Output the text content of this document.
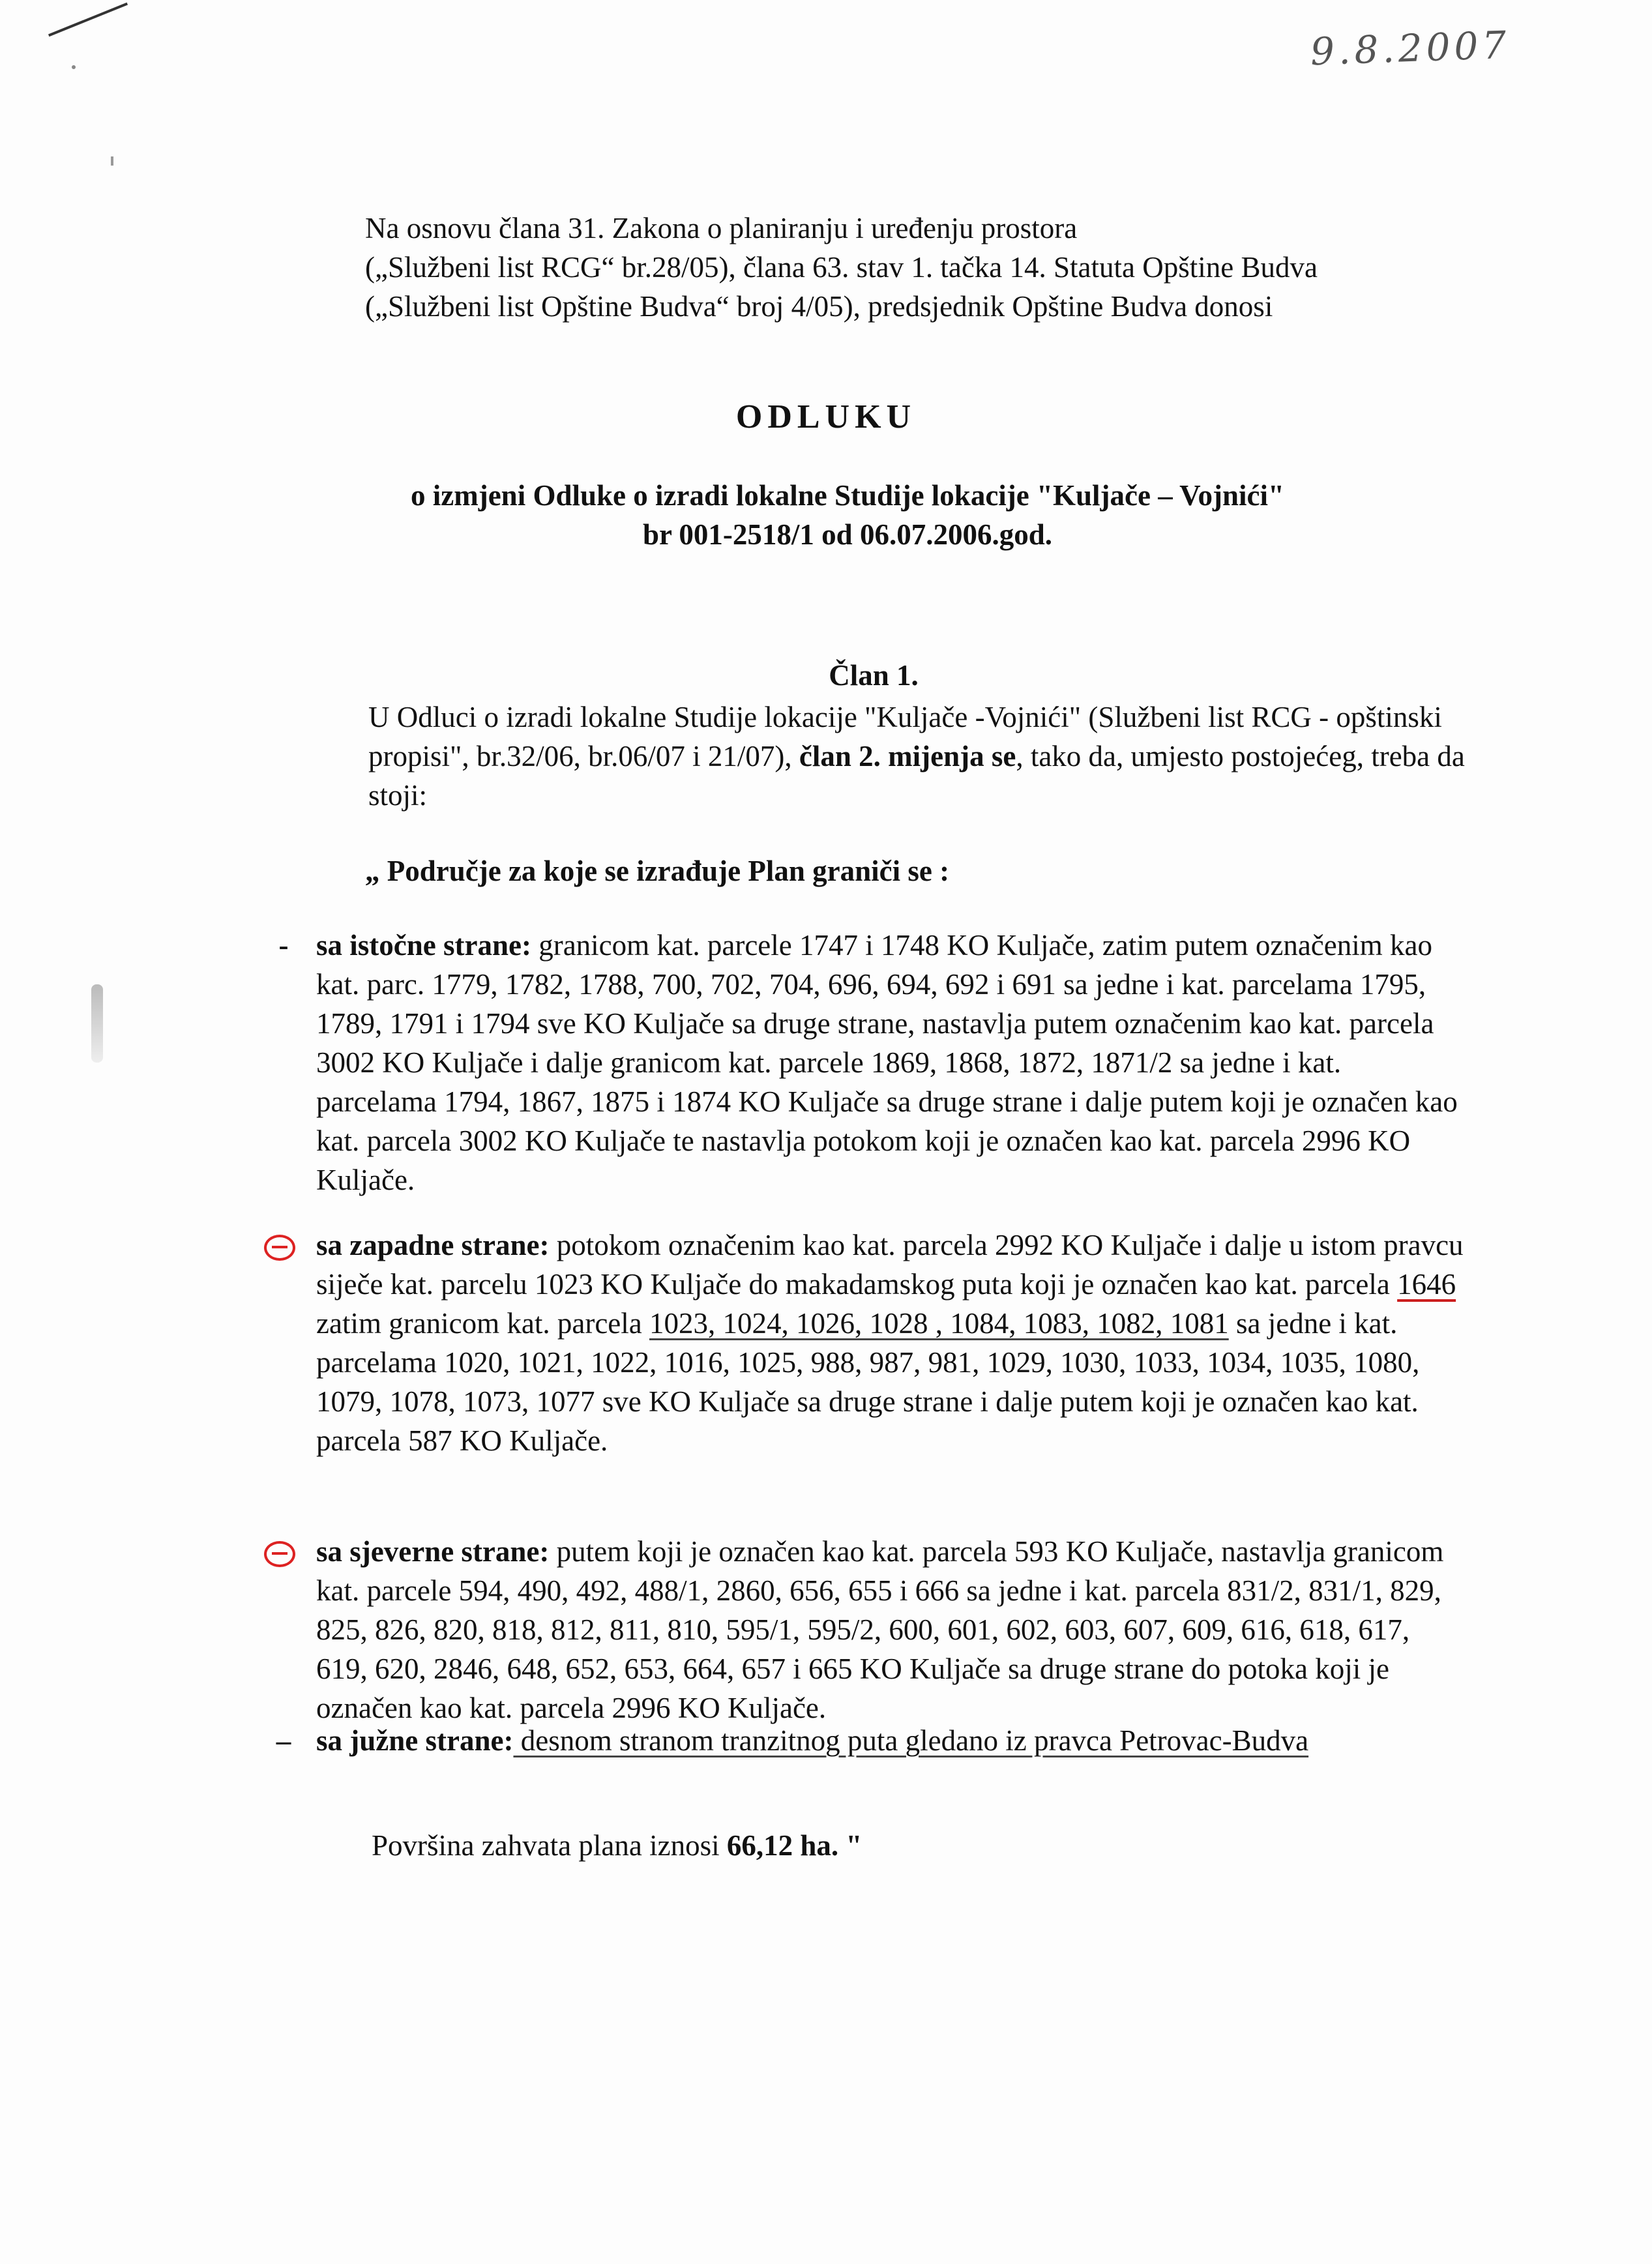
9.8.2007
Na osnovu člana 31. Zakona o planiranju i uređenju prostora
(„Službeni list RCG“ br.28/05), člana 63. stav 1. tačka 14. Statuta Opštine Budva
(„Službeni list Opštine Budva“ broj 4/05), predsjednik Opštine Budva donosi
ODLUKU
o izmjeni Odluke o izradi lokalne Studije lokacije "Kuljače – Vojnići"
br 001-2518/1 od 06.07.2006.god.
Član 1.
U Odluci o izradi lokalne Studije lokacije "Kuljače -Vojnići" (Službeni list RCG - opštinski propisi", br.32/06, br.06/07 i 21/07), član 2. mijenja se, tako da, umjesto postojećeg, treba da stoji:
„ Područje za koje se izrađuje Plan graniči se :
- sa istočne strane: granicom kat. parcele 1747 i 1748 KO Kuljače, zatim putem označenim kao kat. parc. 1779, 1782, 1788, 700, 702, 704, 696, 694, 692 i 691 sa jedne i kat. parcelama 1795, 1789, 1791 i 1794 sve KO Kuljače sa druge strane, nastavlja putem označenim kao kat. parcela 3002 KO Kuljače i dalje granicom kat. parcele 1869, 1868, 1872, 1871/2 sa jedne i kat. parcelama 1794, 1867, 1875 i 1874 KO Kuljače sa druge strane i dalje putem koji je označen kao kat. parcela 3002 KO Kuljače te nastavlja potokom koji je označen kao kat. parcela 2996 KO Kuljače.
sa zapadne strane: potokom označenim kao kat. parcela 2992 KO Kuljače i dalje u istom pravcu siječe kat. parcelu 1023 KO Kuljače do makadamskog puta koji je označen kao kat. parcela 1646 zatim granicom kat. parcela 1023, 1024, 1026, 1028 , 1084, 1083, 1082, 1081 sa jedne i kat. parcelama 1020, 1021, 1022, 1016, 1025, 988, 987, 981, 1029, 1030, 1033, 1034, 1035, 1080, 1079, 1078, 1073, 1077 sve KO Kuljače sa druge strane i dalje putem koji je označen kao kat. parcela 587 KO Kuljače.
sa sjeverne strane: putem koji je označen kao kat. parcela 593 KO Kuljače, nastavlja granicom kat. parcele 594, 490, 492, 488/1, 2860, 656, 655 i 666 sa jedne i kat. parcela 831/2, 831/1, 829, 825, 826, 820, 818, 812, 811, 810, 595/1, 595/2, 600, 601, 602, 603, 607, 609, 616, 618, 617, 619, 620, 2846, 648, 652, 653, 664, 657 i 665 KO Kuljače sa druge strane do potoka koji je označen kao kat. parcela 2996 KO Kuljače.
– sa južne strane: desnom stranom tranzitnog puta gledano iz pravca Petrovac-Budva
Površina zahvata plana iznosi 66,12 ha. "
